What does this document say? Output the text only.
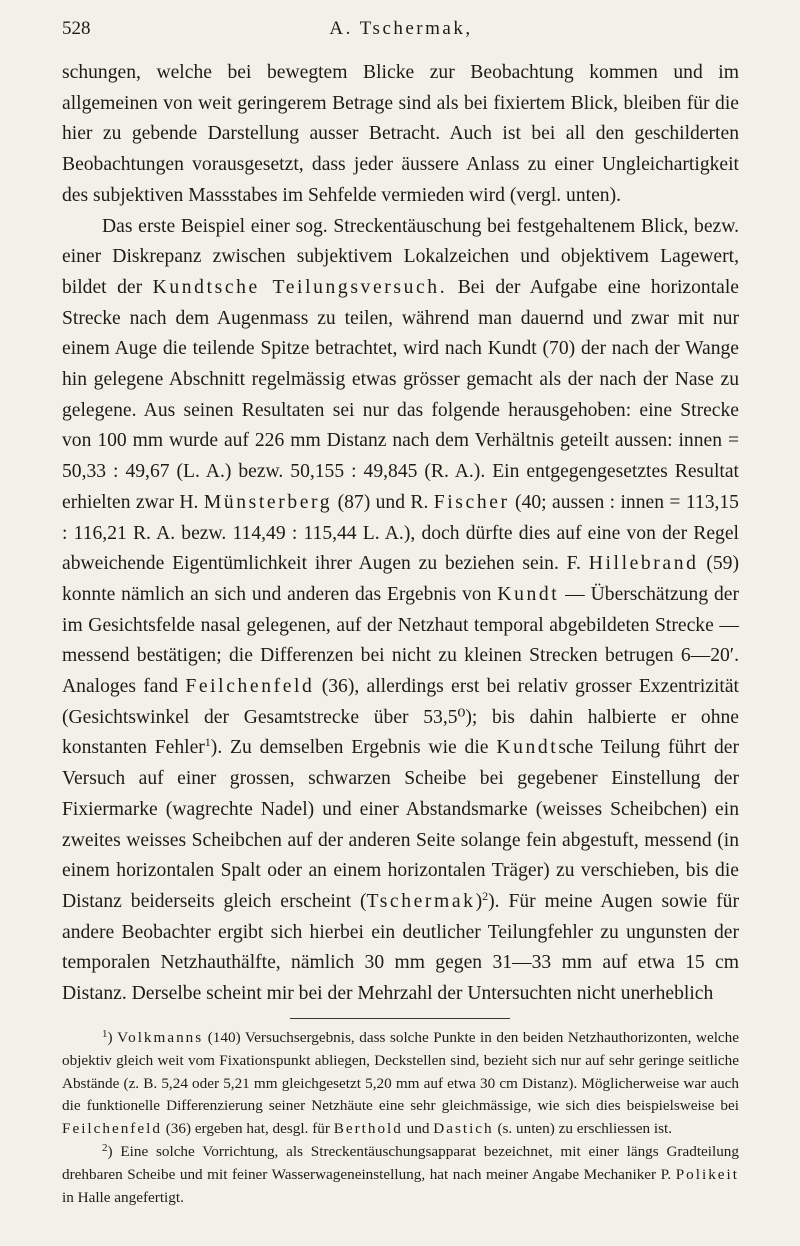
528	A. Tschermak,

schungen, welche bei bewegtem Blicke zur Beobachtung kommen und im allgemeinen von weit geringerem Betrage sind als bei fixiertem Blick, bleiben für die hier zu gebende Darstellung ausser Betracht. Auch ist bei all den geschilderten Beobachtungen vorausgesetzt, dass jeder äussere Anlass zu einer Ungleichartigkeit des subjektiven Massstabes im Sehfelde vermieden wird (vergl. unten).

Das erste Beispiel einer sog. Streckentäuschung bei festgehaltenem Blick, bezw. einer Diskrepanz zwischen subjektivem Lokalzeichen und objektivem Lagewert, bildet der Kundtsche Teilungsversuch. Bei der Aufgabe eine horizontale Strecke nach dem Augenmass zu teilen, während man dauernd und zwar mit nur einem Auge die teilende Spitze betrachtet, wird nach Kundt (70) der nach der Wange hin gelegene Abschnitt regelmässig etwas grösser gemacht als der nach der Nase zu gelegene. Aus seinen Resultaten sei nur das folgende herausgehoben: eine Strecke von 100 mm wurde auf 226 mm Distanz nach dem Verhältnis geteilt aussen: innen = 50,33 : 49,67 (L. A.) bezw. 50,155 : 49,845 (R. A.). Ein entgegengesetztes Resultat erhielten zwar H. Münsterberg (87) und R. Fischer (40; aussen : innen = 113,15 : 116,21 R. A. bezw. 114,49 : 115,44 L. A.), doch dürfte dies auf eine von der Regel abweichende Eigentümlichkeit ihrer Augen zu beziehen sein. F. Hillebrand (59) konnte nämlich an sich und anderen das Ergebnis von Kundt — Überschätzung der im Gesichtsfelde nasal gelegenen, auf der Netzhaut temporal abgebildeten Strecke — messend bestätigen; die Differenzen bei nicht zu kleinen Strecken betrugen 6—20′. Analoges fand Feilchenfeld (36), allerdings erst bei relativ grosser Exzentrizität (Gesichtswinkel der Gesamtstrecke über 53,5⁰); bis dahin halbierte er ohne konstanten Fehler$^1$). Zu demselben Ergebnis wie die Kundtsche Teilung führt der Versuch auf einer grossen, schwarzen Scheibe bei gegebener Einstellung der Fixiermarke (wagrechte Nadel) und einer Abstandsmarke (weisses Scheibchen) ein zweites weisses Scheibchen auf der anderen Seite solange fein abgestuft, messend (in einem horizontalen Spalt oder an einem horizontalen Träger) zu verschieben, bis die Distanz beiderseits gleich erscheint (Tschermak)$^2$). Für meine Augen sowie für andere Beobachter ergibt sich hierbei ein deutlicher Teilungfehler zu ungunsten der temporalen Netzhauthälfte, nämlich 30 mm gegen 31—33 mm auf etwa 15 cm Distanz. Derselbe scheint mir bei der Mehrzahl der Untersuchten nicht unerheblich

$^1$) Volkmanns (140) Versuchsergebnis, dass solche Punkte in den beiden Netzhauthorizonten, welche objektiv gleich weit vom Fixationspunkt abliegen, Deckstellen sind, bezieht sich nur auf sehr geringe seitliche Abstände (z. B. 5,24 oder 5,21 mm gleichgesetzt 5,20 mm auf etwa 30 cm Distanz). Möglicherweise war auch die funktionelle Differenzierung seiner Netzhäute eine sehr gleichmässige, wie sich dies beispielsweise bei Feilchenfeld (36) ergeben hat, desgl. für Berthold und Dastich (s. unten) zu erschliessen ist.

$^2$) Eine solche Vorrichtung, als Streckentäuschungsapparat bezeichnet, mit einer längs Gradteilung drehbaren Scheibe und mit feiner Wasserwageneinstellung, hat nach meiner Angabe Mechaniker P. Polikeit in Halle angefertigt.
